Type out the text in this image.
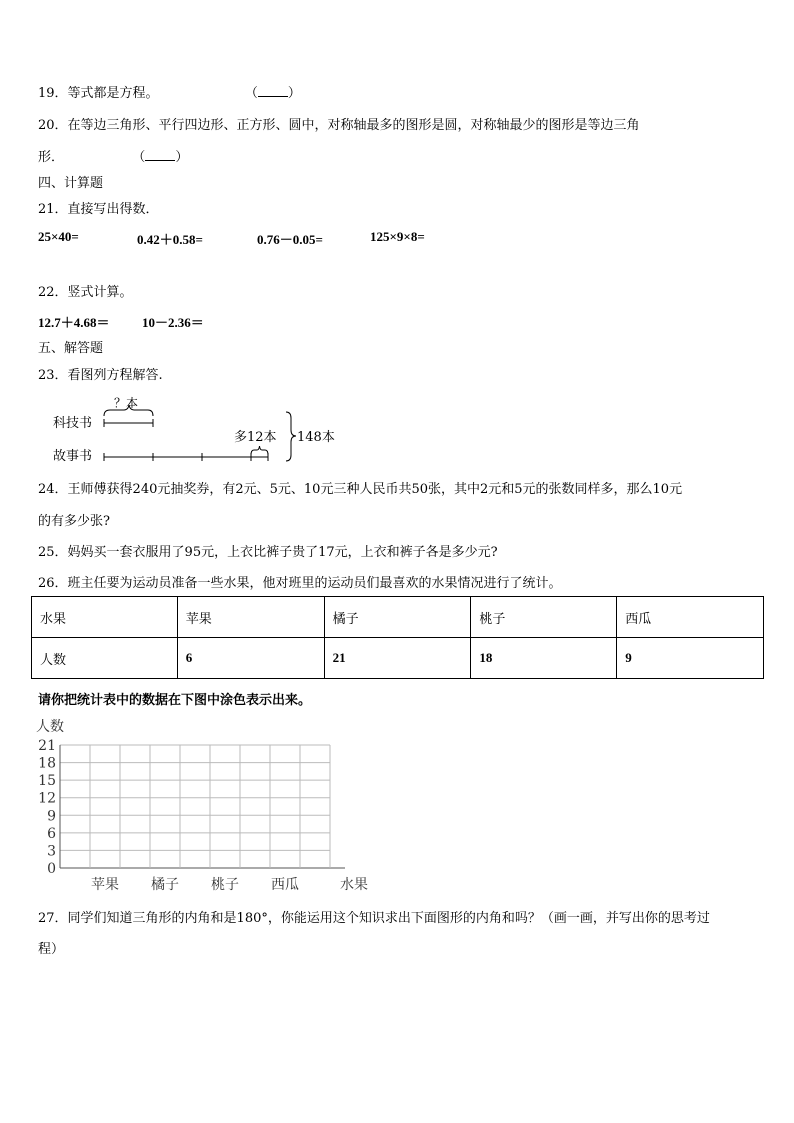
19．等式都是方程。	（ ）
20．在等边三角形、平行四边形、正方形、圆中，对称轴最多的图形是圆，对称轴最少的图形是等边三角
形．	（ ）
四、计算题
21．直接写出得数．
25×40=	0.42＋0.58=	0.76－0.05=	125×9×8=
22．竖式计算。
12.7＋4.68＝ 10－2.36＝
五、解答题
23．看图列方程解答.
科技书
故事书
？本
多12本 148本
24．王师傅获得240元抽奖券，有2元、5元、10元三种人民币共50张，其中2元和5元的张数同样多，那么10元
的有多少张?
25．妈妈买一套衣服用了95元，上衣比裤子贵了17元，上衣和裤子各是多少元?
26．班主任要为运动员准备一些水果，他对班里的运动员们最喜欢的水果情况进行了统计。
水果	苹果	橘子	桃子	西瓜
人数	6	21	18	9
请你把统计表中的数据在下图中涂色表示出来。
0
3
6
9
12
15
18
21
人数
苹果 橘子 桃子 西瓜	水果
27．同学们知道三角形的内角和是180°，你能运用这个知识求出下面图形的内角和吗？（画一画，并写出你的思考过
程）
